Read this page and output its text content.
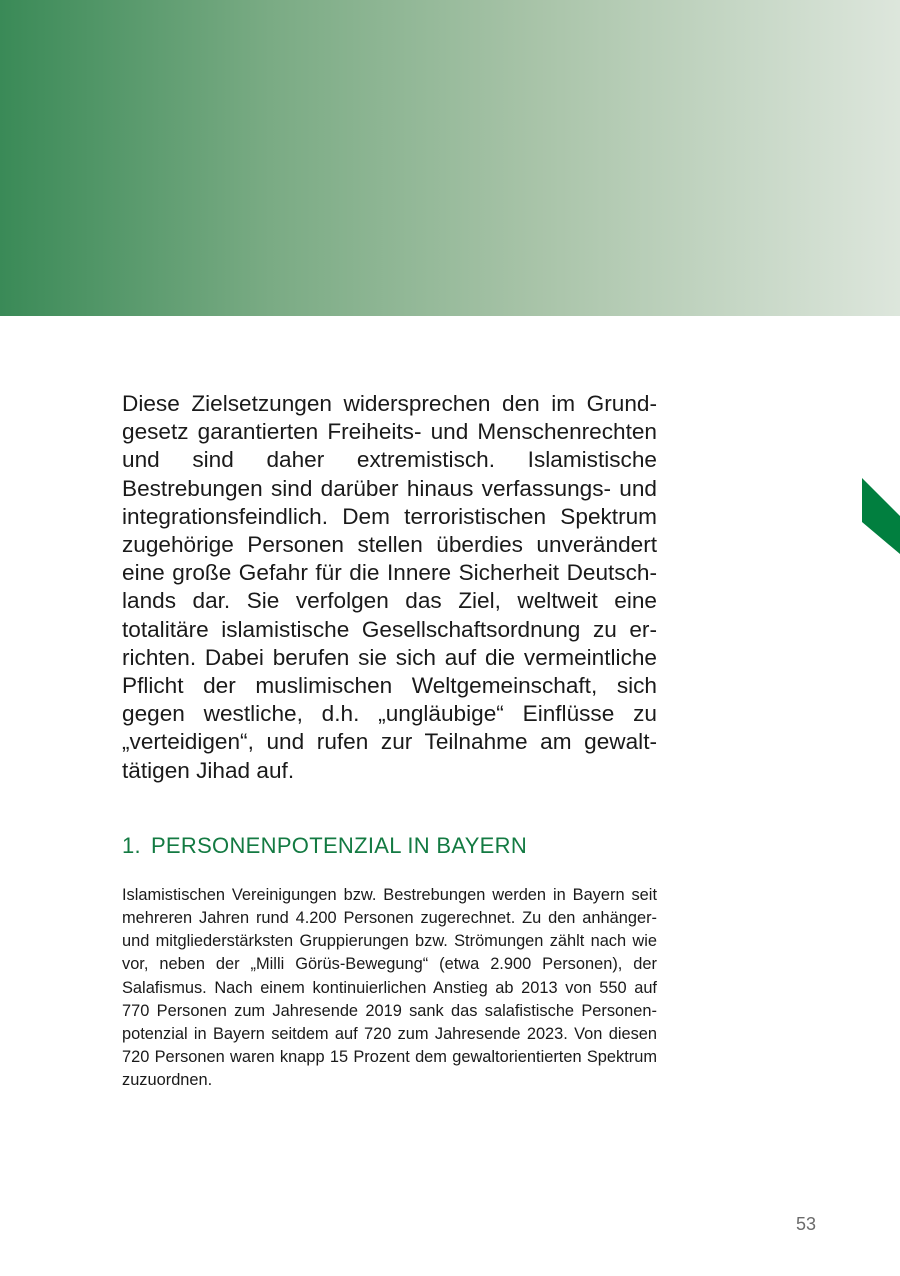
Diese Zielsetzungen widersprechen den im Grundgesetz garantierten Freiheits- und Menschenrechten und sind daher extremistisch. Islamistische Bestrebungen sind darüber hinaus verfassungs- und integrationsfeindlich. Dem terroristischen Spektrum zugehörige Personen stellen überdies unverändert eine große Gefahr für die Innere Sicherheit Deutschlands dar. Sie verfolgen das Ziel, weltweit eine totalitäre islamistische Gesellschaftsordnung zu errichten. Dabei berufen sie sich auf die vermeintliche Pflicht der muslimischen Weltgemeinschaft, sich gegen westliche, d.h. „ungläubige“ Einflüsse zu „verteidigen“, und rufen zur Teilnahme am gewalttätigen Jihad auf.

1. PERSONENPOTENZIAL IN BAYERN

Islamistischen Vereinigungen bzw. Bestrebungen werden in Bayern seit mehreren Jahren rund 4.200 Personen zugerechnet. Zu den anhänger- und mitgliederstärksten Gruppierungen bzw. Strömungen zählt nach wie vor, neben der „Milli Görüs-Bewegung“ (etwa 2.900 Personen), der Salafismus. Nach einem kontinuierlichen Anstieg ab 2013 von 550 auf 770 Personen zum Jahresende 2019 sank das salafistische Personenpotenzial in Bayern seitdem auf 720 zum Jahresende 2023. Von diesen 720 Personen waren knapp 15 Prozent dem gewaltorientierten Spektrum zuzuordnen.

53
